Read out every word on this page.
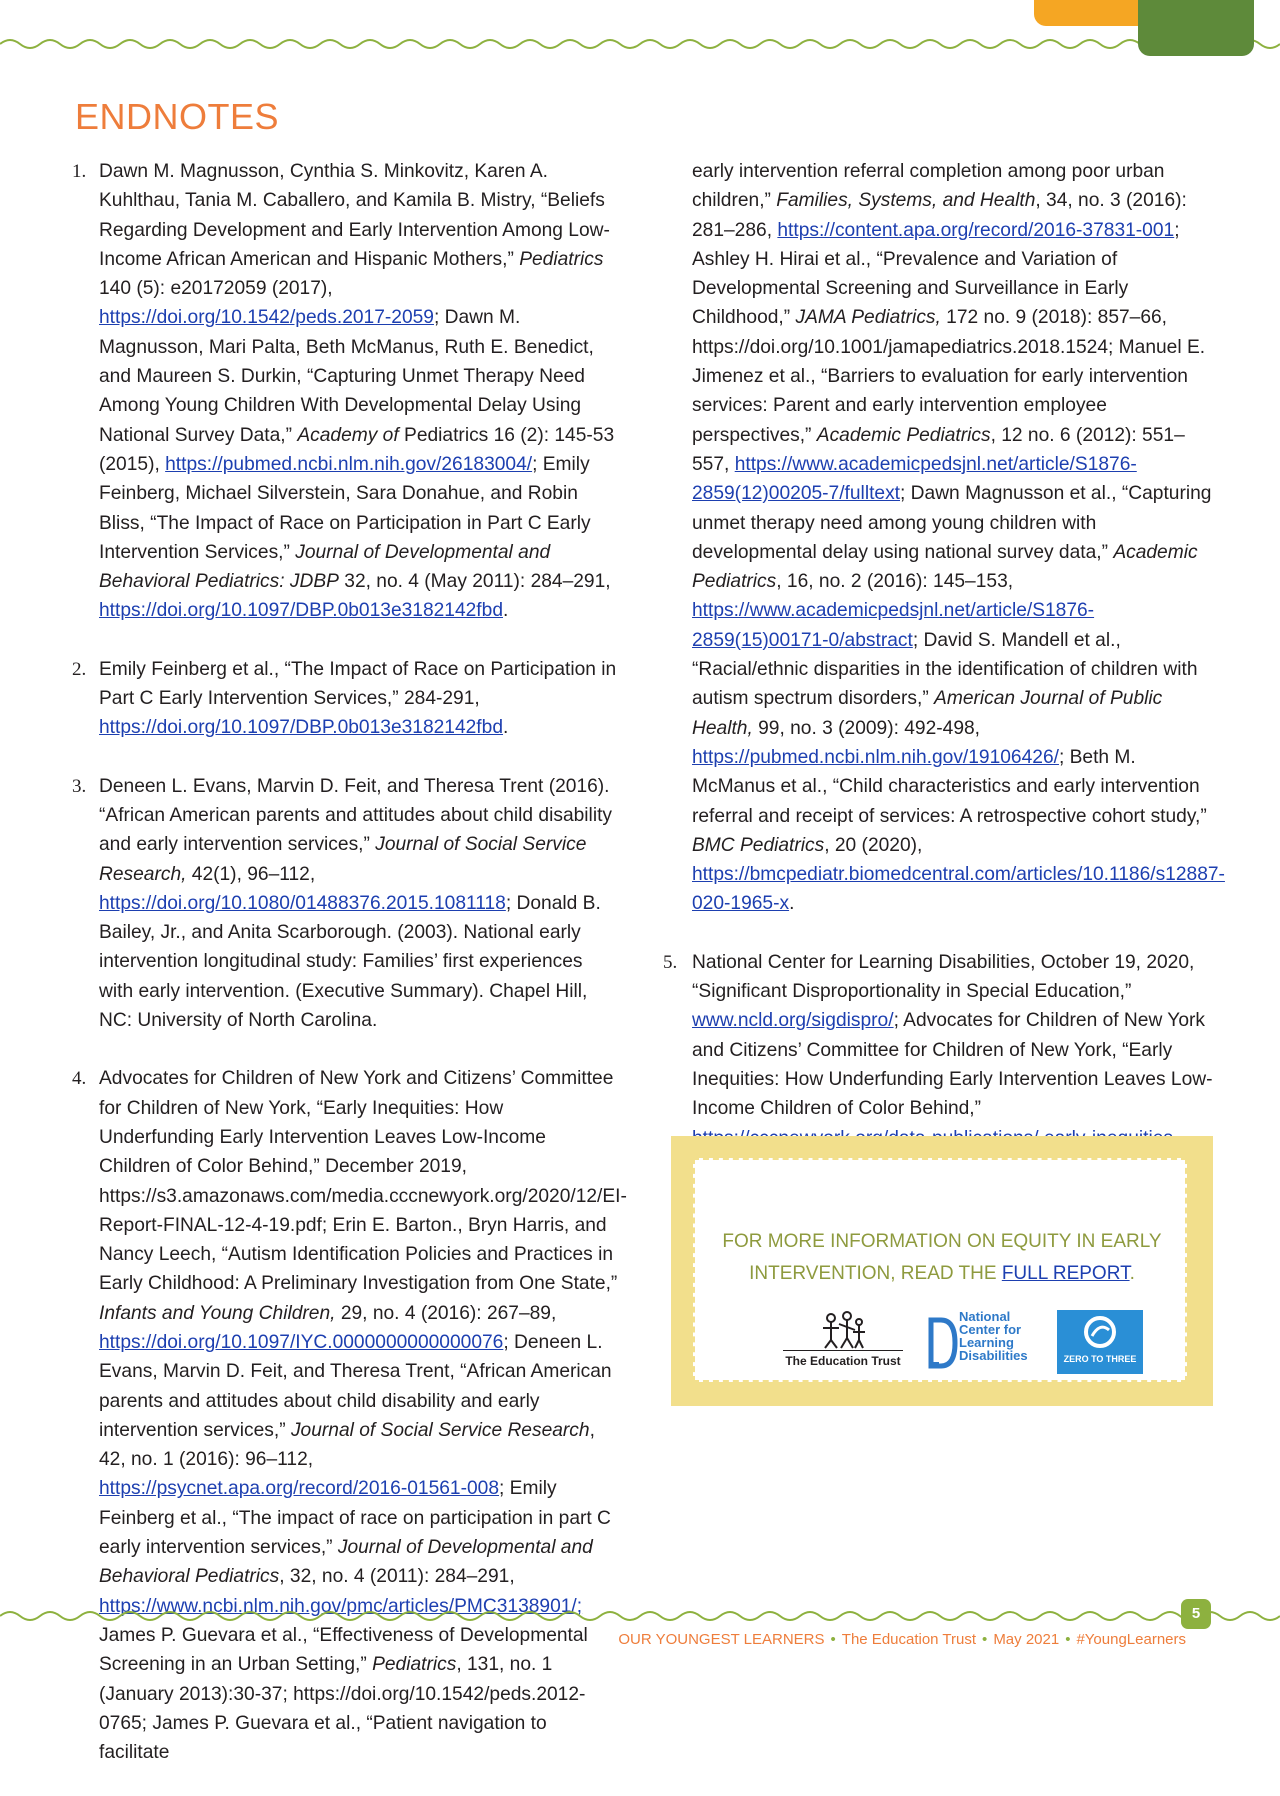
ENDNOTES
1. Dawn M. Magnusson, Cynthia S. Minkovitz, Karen A. Kuhlthau, Tania M. Caballero, and Kamila B. Mistry, “Beliefs Regarding Development and Early Intervention Among Low-Income African American and Hispanic Mothers,” Pediatrics 140 (5): e20172059 (2017), https://doi.org/10.1542/peds.2017-2059; Dawn M. Magnusson, Mari Palta, Beth McManus, Ruth E. Benedict, and Maureen S. Durkin, “Capturing Unmet Therapy Need Among Young Children With Developmental Delay Using National Survey Data,” Academy of Pediatrics 16 (2): 145-53 (2015), https://pubmed.ncbi.nlm.nih.gov/26183004/; Emily Feinberg, Michael Silverstein, Sara Donahue, and Robin Bliss, “The Impact of Race on Participation in Part C Early Intervention Services,” Journal of Developmental and Behavioral Pediatrics: JDBP 32, no. 4 (May 2011): 284–291, https://doi.org/10.1097/DBP.0b013e3182142fbd.
2. Emily Feinberg et al., “The Impact of Race on Participation in Part C Early Intervention Services,” 284-291, https://doi.org/10.1097/DBP.0b013e3182142fbd.
3. Deneen L. Evans, Marvin D. Feit, and Theresa Trent (2016). “African American parents and attitudes about child disability and early intervention services,” Journal of Social Service Research, 42(1), 96–112, https://doi.org/10.1080/01488376.2015.1081118; Donald B. Bailey, Jr., and Anita Scarborough. (2003). National early intervention longitudinal study: Families’ first experiences with early intervention. (Executive Summary). Chapel Hill, NC: University of North Carolina.
4. Advocates for Children of New York and Citizens’ Committee for Children of New York, “Early Inequities: How Underfunding Early Intervention Leaves Low-Income Children of Color Behind,” December 2019, https://s3.amazonaws.com/media.cccnewyork.org/2020/12/EI-Report-FINAL-12-4-19.pdf; Erin E. Barton., Bryn Harris, and Nancy Leech, “Autism Identification Policies and Practices in Early Childhood: A Preliminary Investigation from One State,” Infants and Young Children, 29, no. 4 (2016): 267–89, https://doi.org/10.1097/IYC.0000000000000076; Deneen L. Evans, Marvin D. Feit, and Theresa Trent, “African American parents and attitudes about child disability and early intervention services,” Journal of Social Service Research, 42, no. 1 (2016): 96–112, https://psycnet.apa.org/record/2016-01561-008; Emily Feinberg et al., “The impact of race on participation in part C early intervention services,” Journal of Developmental and Behavioral Pediatrics, 32, no. 4 (2011): 284–291, https://www.ncbi.nlm.nih.gov/pmc/articles/PMC3138901/; James P. Guevara et al., “Effectiveness of Developmental Screening in an Urban Setting,” Pediatrics, 131, no. 1 (January 2013):30-37; https://doi.org/10.1542/peds.2012-0765; James P. Guevara et al., “Patient navigation to facilitate
early intervention referral completion among poor urban children,” Families, Systems, and Health, 34, no. 3 (2016): 281–286, https://content.apa.org/record/2016-37831-001; Ashley H. Hirai et al., “Prevalence and Variation of Developmental Screening and Surveillance in Early Childhood,” JAMA Pediatrics, 172 no. 9 (2018): 857–66, https://doi.org/10.1001/jamapediatrics.2018.1524; Manuel E. Jimenez et al., “Barriers to evaluation for early intervention services: Parent and early intervention employee perspectives,” Academic Pediatrics, 12 no. 6 (2012): 551–557, https://www.academicpedsjnl.net/article/S1876-2859(12)00205-7/fulltext; Dawn Magnusson et al., “Capturing unmet therapy need among young children with developmental delay using national survey data,” Academic Pediatrics, 16, no. 2 (2016): 145–153, https://www.academicpedsjnl.net/article/S1876-2859(15)00171-0/abstract; David S. Mandell et al., “Racial/ethnic disparities in the identification of children with autism spectrum disorders,” American Journal of Public Health, 99, no. 3 (2009): 492-498, https://pubmed.ncbi.nlm.nih.gov/19106426/; Beth M. McManus et al., “Child characteristics and early intervention referral and receipt of services: A retrospective cohort study,” BMC Pediatrics, 20 (2020), https://bmcpediatr.biomedcentral.com/articles/10.1186/s12887-020-1965-x.
5. National Center for Learning Disabilities, October 19, 2020, “Significant Disproportionality in Special Education,” www.ncld.org/sigdispro/; Advocates for Children of New York and Citizens’ Committee for Children of New York, “Early Inequities: How Underfunding Early Intervention Leaves Low-Income Children of Color Behind,”
FOR MORE INFORMATION ON EQUITY IN EARLY
INTERVENTION, READ THE FULL REPORT.
The Education Trust
National
Center for
Learning
Disabilities	ZERO TO THREE
5
OUR YOUNGEST LEARNERS • The Education Trust • May 2021 • #YoungLearners
